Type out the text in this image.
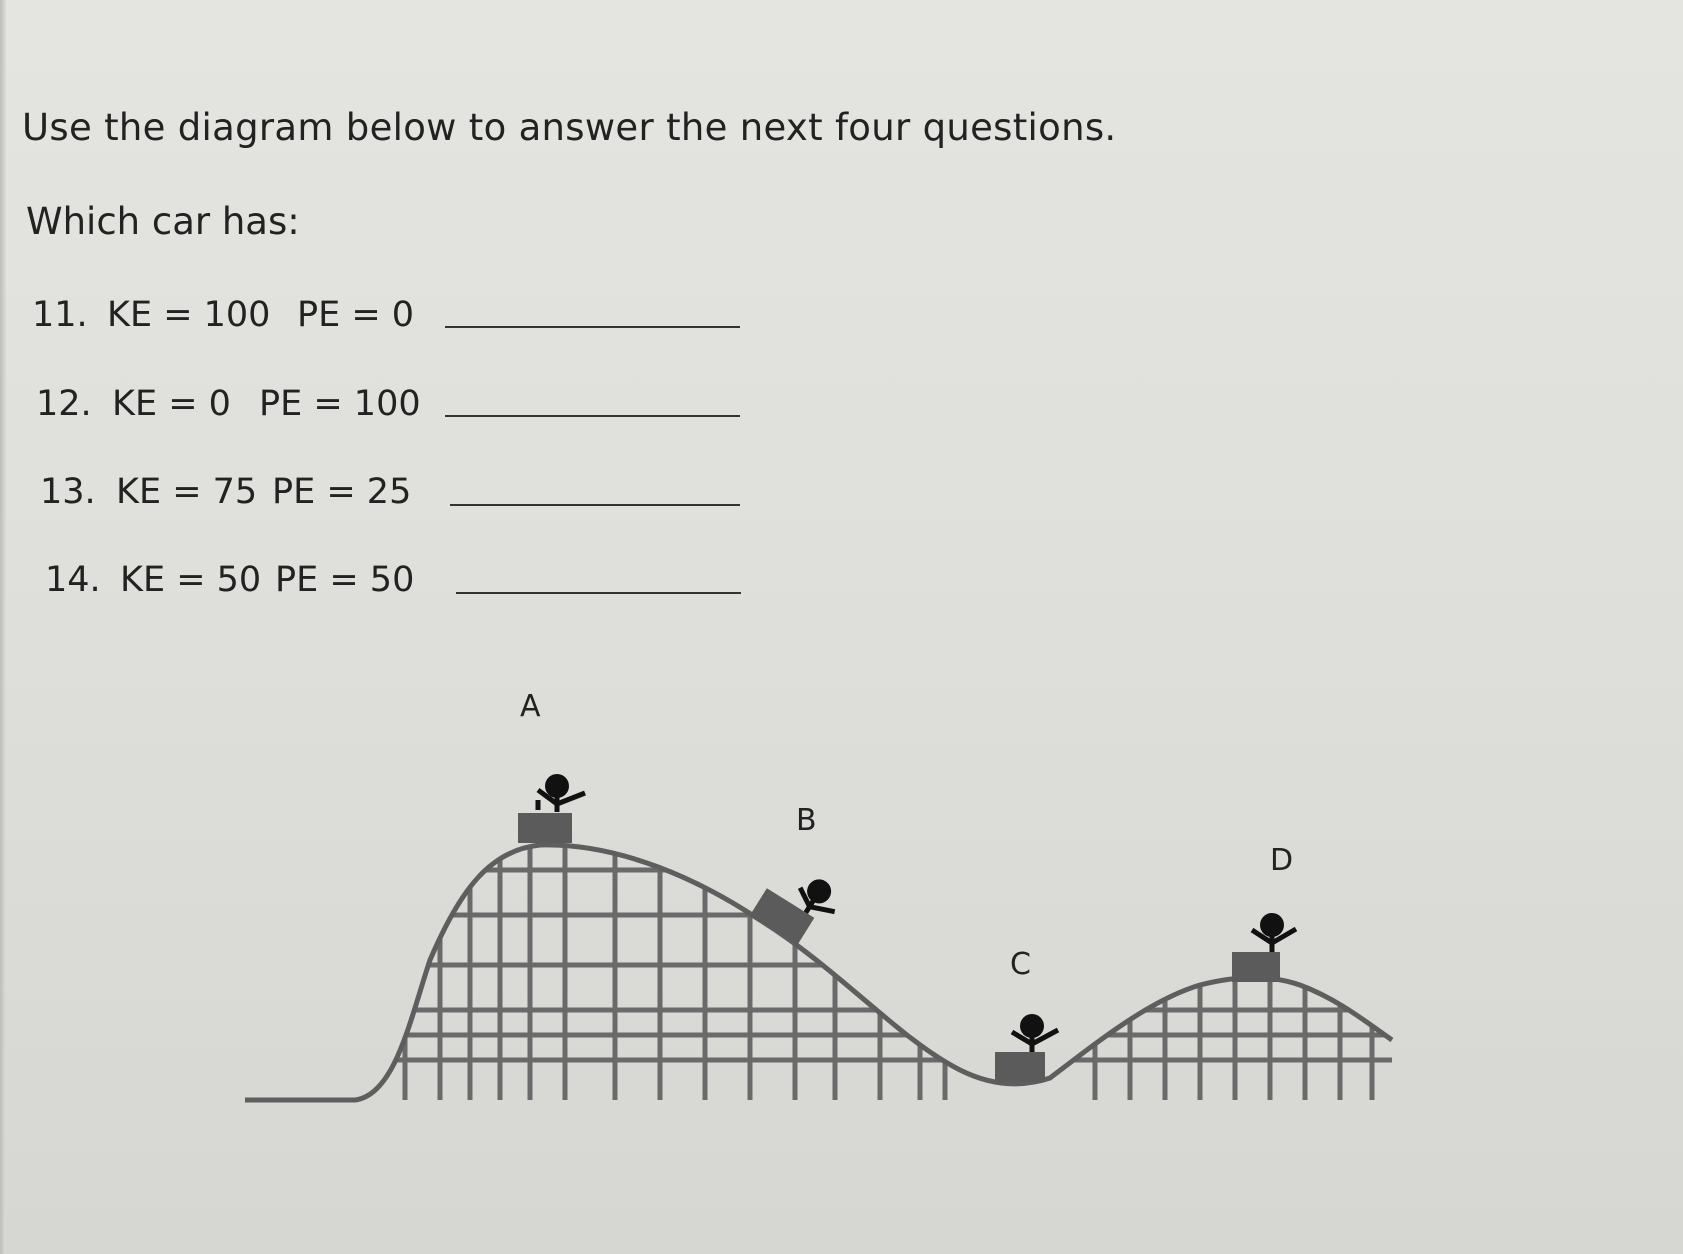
Use the diagram below to answer the next four questions.
Which car has:
11. KE = 100 PE = 0
12. KE = 0 PE = 100
13. KE = 75 PE = 25
14. KE = 50 PE = 50
A
B
C
D
